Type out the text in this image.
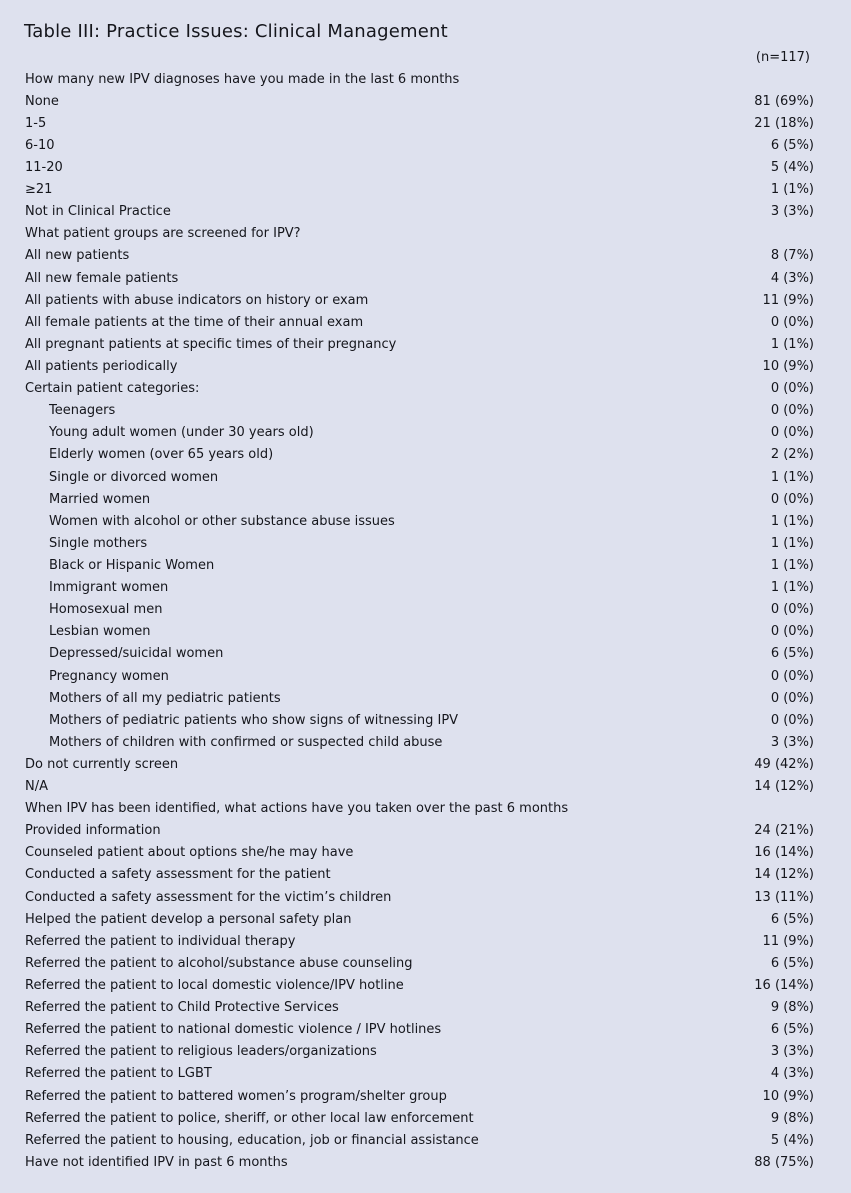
Table III: Practice Issues: Clinical Management
(n=117)
How many new IPV diagnoses have you made in the last 6 months
None	81 (69%)
1-5	21 (18%)
6-10	6 (5%)
11-20	5 (4%)
≥21	1 (1%)
Not in Clinical Practice	3 (3%)
What patient groups are screened for IPV?
All new patients	8 (7%)
All new female patients	4 (3%)
All patients with abuse indicators on history or exam	11 (9%)
All female patients at the time of their annual exam	0 (0%)
All pregnant patients at specific times of their pregnancy	1 (1%)
All patients periodically	10 (9%)
Certain patient categories:	0 (0%)
Teenagers	0 (0%)
Young adult women (under 30 years old)	0 (0%)
Elderly women (over 65 years old)	2 (2%)
Single or divorced women	1 (1%)
Married women	0 (0%)
Women with alcohol or other substance abuse issues	1 (1%)
Single mothers	1 (1%)
Black or Hispanic Women	1 (1%)
Immigrant women	1 (1%)
Homosexual men	0 (0%)
Lesbian women	0 (0%)
Depressed/suicidal women	6 (5%)
Pregnancy women	0 (0%)
Mothers of all my pediatric patients	0 (0%)
Mothers of pediatric patients who show signs of witnessing IPV	0 (0%)
Mothers of children with confirmed or suspected child abuse	3 (3%)
Do not currently screen	49 (42%)
N/A	14 (12%)
When IPV has been identified, what actions have you taken over the past 6 months
Provided information	24 (21%)
Counseled patient about options she/he may have	16 (14%)
Conducted a safety assessment for the patient	14 (12%)
Conducted a safety assessment for the victim’s children	13 (11%)
Helped the patient develop a personal safety plan	6 (5%)
Referred the patient to individual therapy	11 (9%)
Referred the patient to alcohol/substance abuse counseling	6 (5%)
Referred the patient to local domestic violence/IPV hotline	16 (14%)
Referred the patient to Child Protective Services	9 (8%)
Referred the patient to national domestic violence / IPV hotlines	6 (5%)
Referred the patient to religious leaders/organizations	3 (3%)
Referred the patient to LGBT	4 (3%)
Referred the patient to battered women’s program/shelter group	10 (9%)
Referred the patient to police, sheriff, or other local law enforcement	9 (8%)
Referred the patient to housing, education, job or financial assistance	5 (4%)
Have not identified IPV in past 6 months	88 (75%)
